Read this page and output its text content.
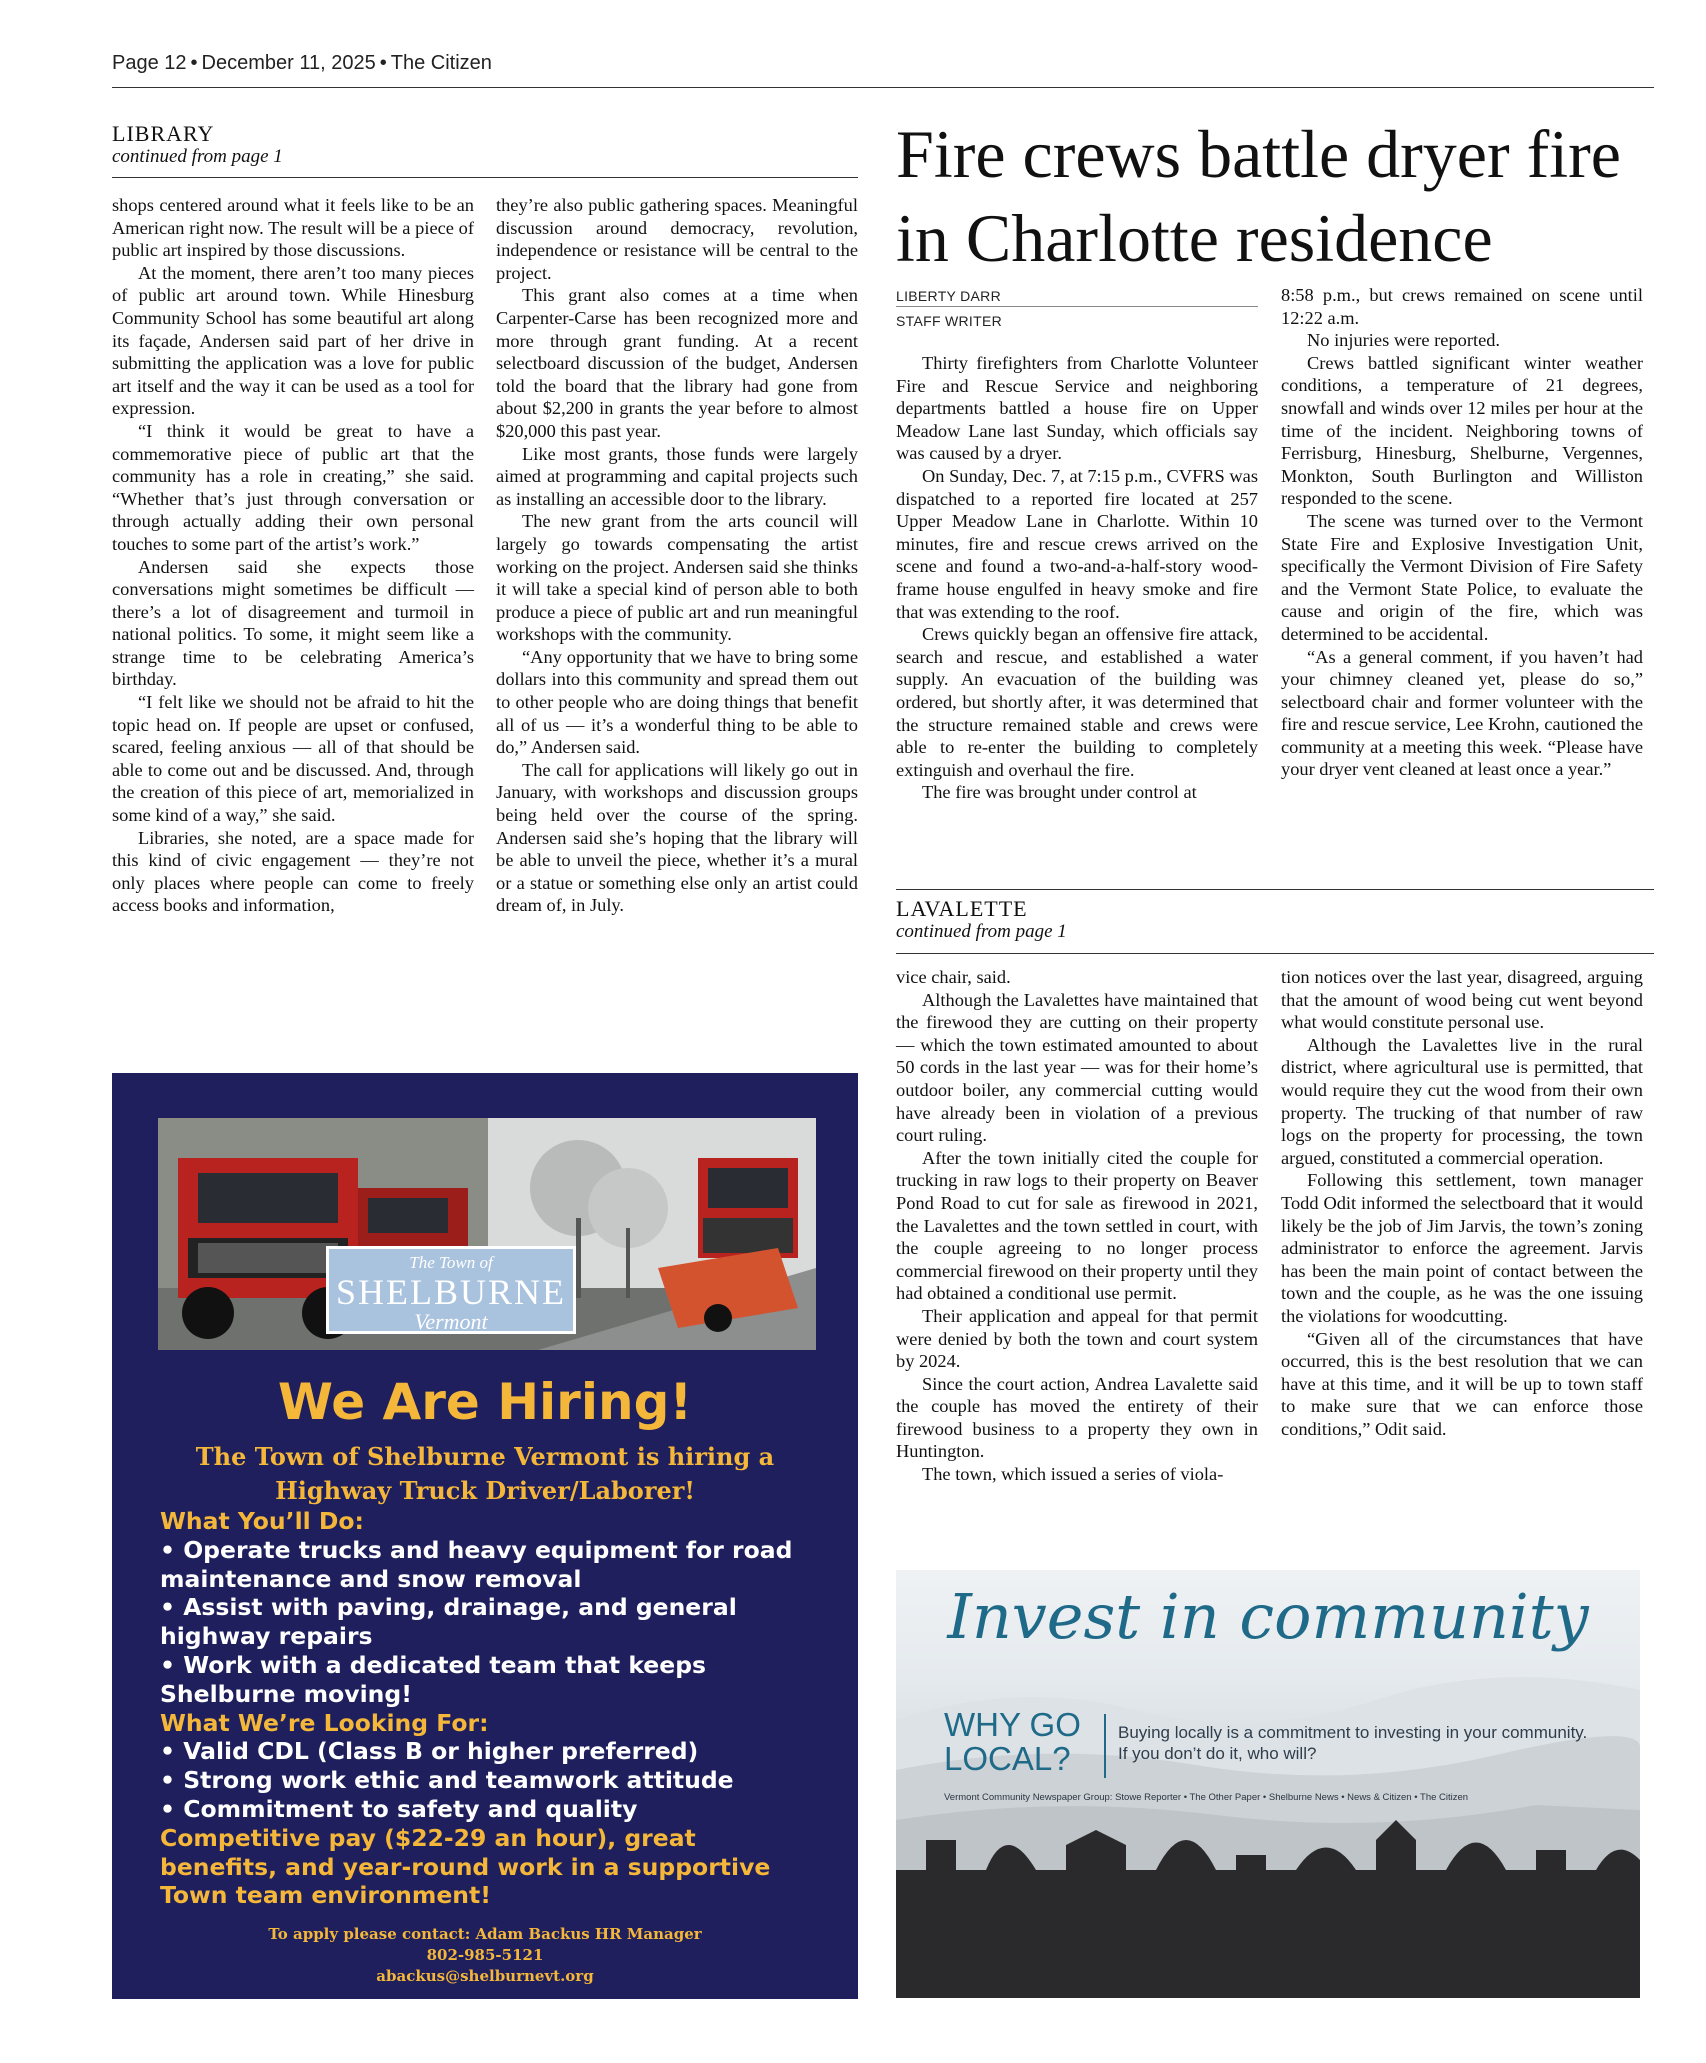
Page 12 • December 11, 2025 • The Citizen
LIBRARY
continued from page 1

shops centered around what it feels like to be an American right now. The result will be a piece of public art inspired by those discussions.

At the moment, there aren’t too many pieces of public art around town. While Hinesburg Community School has some beautiful art along its façade, Andersen said part of her drive in submitting the application was a love for public art itself and the way it can be used as a tool for expression.

“I think it would be great to have a commemorative piece of public art that the community has a role in creating,” she said. “Whether that’s just through conversation or through actually adding their own personal touches to some part of the artist’s work.”

Andersen said she expects those conversations might sometimes be difficult — there’s a lot of disagreement and turmoil in national politics. To some, it might seem like a strange time to be celebrating America’s birthday.

“I felt like we should not be afraid to hit the topic head on. If people are upset or confused, scared, feeling anxious — all of that should be able to come out and be discussed. And, through the creation of this piece of art, memorialized in some kind of a way,” she said.

Libraries, she noted, are a space made for this kind of civic engagement — they’re not only places where people can come to freely access books and information,

they’re also public gathering spaces. Meaningful discussion around democracy, revolution, independence or resistance will be central to the project.

This grant also comes at a time when Carpenter-Carse has been recognized more and more through grant funding. At a recent selectboard discussion of the budget, Andersen told the board that the library had gone from about $2,200 in grants the year before to almost $20,000 this past year.

Like most grants, those funds were largely aimed at programming and capital projects such as installing an accessible door to the library.

The new grant from the arts council will largely go towards compensating the artist working on the project. Andersen said she thinks it will take a special kind of person able to both produce a piece of public art and run meaningful workshops with the community.

“Any opportunity that we have to bring some dollars into this community and spread them out to other people who are doing things that benefit all of us — it’s a wonderful thing to be able to do,” Andersen said.

The call for applications will likely go out in January, with workshops and discussion groups being held over the course of the spring. Andersen said she’s hoping that the library will be able to unveil the piece, whether it’s a mural or a statue or something else only an artist could dream of, in July.

Fire crews battle dryer fire in Charlotte residence
LIBERTY DARR
STAFF WRITER

Thirty firefighters from Charlotte Volunteer Fire and Rescue Service and neighboring departments battled a house fire on Upper Meadow Lane last Sunday, which officials say was caused by a dryer.

On Sunday, Dec. 7, at 7:15 p.m., CVFRS was dispatched to a reported fire located at 257 Upper Meadow Lane in Charlotte. Within 10 minutes, fire and rescue crews arrived on the scene and found a two-and-a-half-story wood-frame house engulfed in heavy smoke and fire that was extending to the roof.

Crews quickly began an offensive fire attack, search and rescue, and established a water supply. An evacuation of the building was ordered, but shortly after, it was determined that the structure remained stable and crews were able to re-enter the building to completely extinguish and overhaul the fire.

The fire was brought under control at

8:58 p.m., but crews remained on scene until 12:22 a.m.

No injuries were reported.

Crews battled significant winter weather conditions, a temperature of 21 degrees, snowfall and winds over 12 miles per hour at the time of the incident. Neighboring towns of Ferrisburg, Hinesburg, Shelburne, Vergennes, Monkton, South Burlington and Williston responded to the scene.

The scene was turned over to the Vermont State Fire and Explosive Investigation Unit, specifically the Vermont Division of Fire Safety and the Vermont State Police, to evaluate the cause and origin of the fire, which was determined to be accidental.

“As a general comment, if you haven’t had your chimney cleaned yet, please do so,” selectboard chair and former volunteer with the fire and rescue service, Lee Krohn, cautioned the community at a meeting this week. “Please have your dryer vent cleaned at least once a year.”

LAVALETTE
continued from page 1

vice chair, said.

Although the Lavalettes have maintained that the firewood they are cutting on their property — which the town estimated amounted to about 50 cords in the last year — was for their home’s outdoor boiler, any commercial cutting would have already been in violation of a previous court ruling.

After the town initially cited the couple for trucking in raw logs to their property on Beaver Pond Road to cut for sale as firewood in 2021, the Lavalettes and the town settled in court, with the couple agreeing to no longer process commercial firewood on their property until they had obtained a conditional use permit.

Their application and appeal for that permit were denied by both the town and court system by 2024.

Since the court action, Andrea Lavalette said the couple has moved the entirety of their firewood business to a property they own in Huntington.

The town, which issued a series of viola-

tion notices over the last year, disagreed, arguing that the amount of wood being cut went beyond what would constitute personal use.

Although the Lavalettes live in the rural district, where agricultural use is permitted, that would require they cut the wood from their own property. The trucking of that number of raw logs on the property for processing, the town argued, constituted a commercial operation.

Following this settlement, town manager Todd Odit informed the selectboard that it would likely be the job of Jim Jarvis, the town’s zoning administrator to enforce the agreement. Jarvis has been the main point of contact between the town and the couple, as he was the one issuing the violations for woodcutting.

“Given all of the circumstances that have occurred, this is the best resolution that we can have at this time, and it will be up to town staff to make sure that we can enforce those conditions,” Odit said.

The Town of
SHELBURNE
Vermont
We Are Hiring!
The Town of Shelburne Vermont is hiring a Highway Truck Driver/Laborer!
What You’ll Do:
• Operate trucks and heavy equipment for road maintenance and snow removal
• Assist with paving, drainage, and general highway repairs
• Work with a dedicated team that keeps Shelburne moving!
What We’re Looking For:
• Valid CDL (Class B or higher preferred)
• Strong work ethic and teamwork attitude
• Commitment to safety and quality
Competitive pay ($22-29 an hour), great benefits, and year-round work in a supportive Town team environment!
To apply please contact: Adam Backus HR Manager
802-985-5121
abackus@shelburnevt.org
Invest in community
WHY GO
LOCAL?
Buying locally is a commitment to investing in your community. If you don’t do it, who will?
Vermont Community Newspaper Group: Stowe Reporter • The Other Paper • Shelburne News • News & Citizen • The Citizen
